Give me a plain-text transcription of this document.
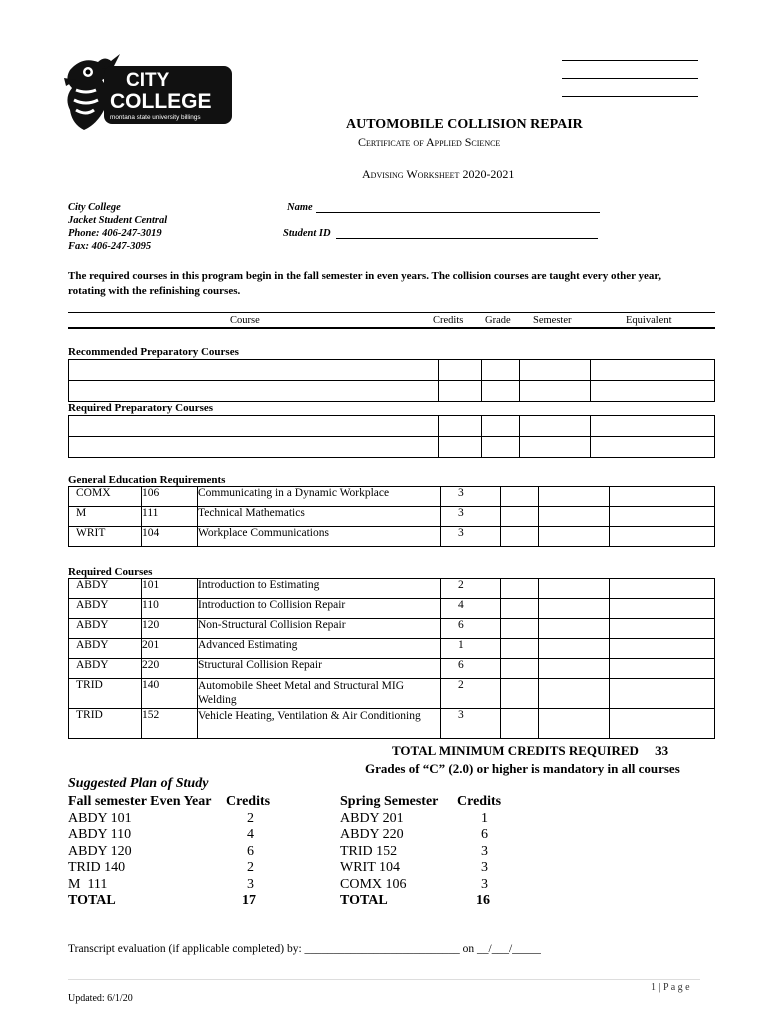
CITY
COLLEGE
montana state university billings	AUTOMOBILE COLLISION REPAIR
Certificate of Applied Science
Advising Worksheet 2020-2021
City College
Jacket Student Central
Phone: 406-247-3019
Fax: 406-247-3095
Name
Student ID
The required courses in this program begin in the fall semester in even years. The collision courses are taught every other year, rotating with the refinishing courses.
Course	Credits Grade Semester	Equivalent
Recommended Preparatory Courses

Required Preparatory Courses

General Education Requirements
COMX	106	Communicating in a Dynamic Workplace	3			
M	111	Technical Mathematics	3			
WRIT	104	Workplace Communications	3			
Required Courses
ABDY	101	Introduction to Estimating	2			
ABDY	110	Introduction to Collision Repair	4			
ABDY	120	Non-Structural Collision Repair	6			
ABDY	201	Advanced Estimating	1			
ABDY	220	Structural Collision Repair	6			
TRID	140	Automobile Sheet Metal and Structural MIG Welding	2			
TRID	152	Vehicle Heating, Ventilation & Air Conditioning	3			
TOTAL MINIMUM CREDITS REQUIRED 33
Grades of “C” (2.0) or higher is mandatory in all courses
Suggested Plan of Study
Fall semester Even Year Credits
ABDY 101	2
ABDY 110	4
ABDY 120	6
TRID 140	2
M  111	3
TOTAL	17
Spring Semester Credits
ABDY 201	1
ABDY 220	6
TRID 152	3
WRIT 104	3
COMX 106	3
TOTAL	16
Transcript evaluation (if applicable completed) by: ___________________________ on __/___/_____
1 | P a g e
Updated: 6/1/20
